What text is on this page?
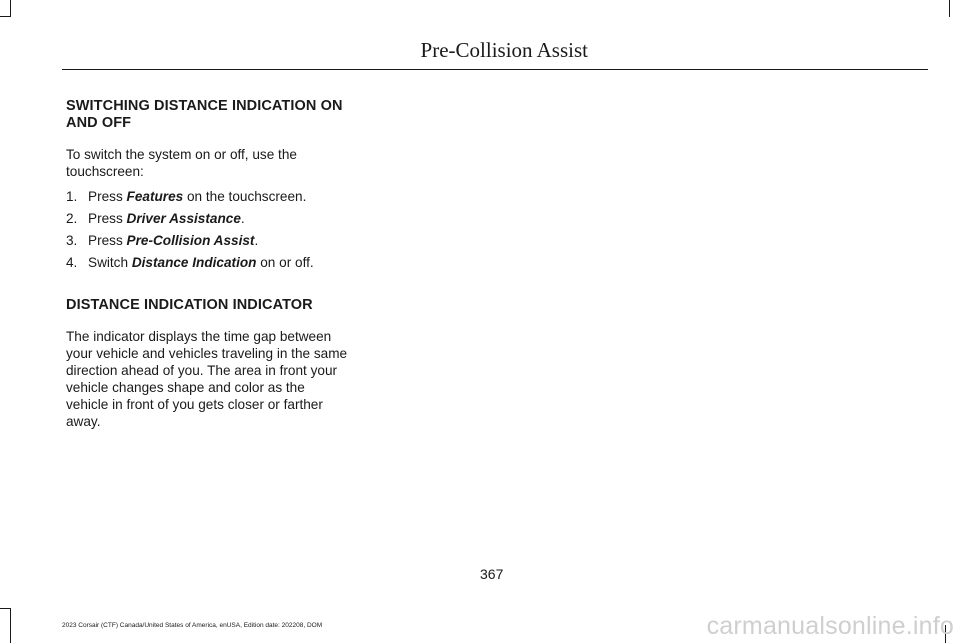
Pre-Collision Assist
SWITCHING DISTANCE INDICATION ON AND OFF

To switch the system on or off, use the touchscreen:

1. Press Features on the touchscreen.
2. Press Driver Assistance.
3. Press Pre-Collision Assist.
4. Switch Distance Indication on or off.
DISTANCE INDICATION INDICATOR

The indicator displays the time gap between your vehicle and vehicles traveling in the same direction ahead of you. The area in front your vehicle changes shape and color as the vehicle in front of you gets closer or farther away.

367
2023 Corsair (CTF) Canada/United States of America, enUSA, Edition date: 202208, DOM	carmanualsonline.info
